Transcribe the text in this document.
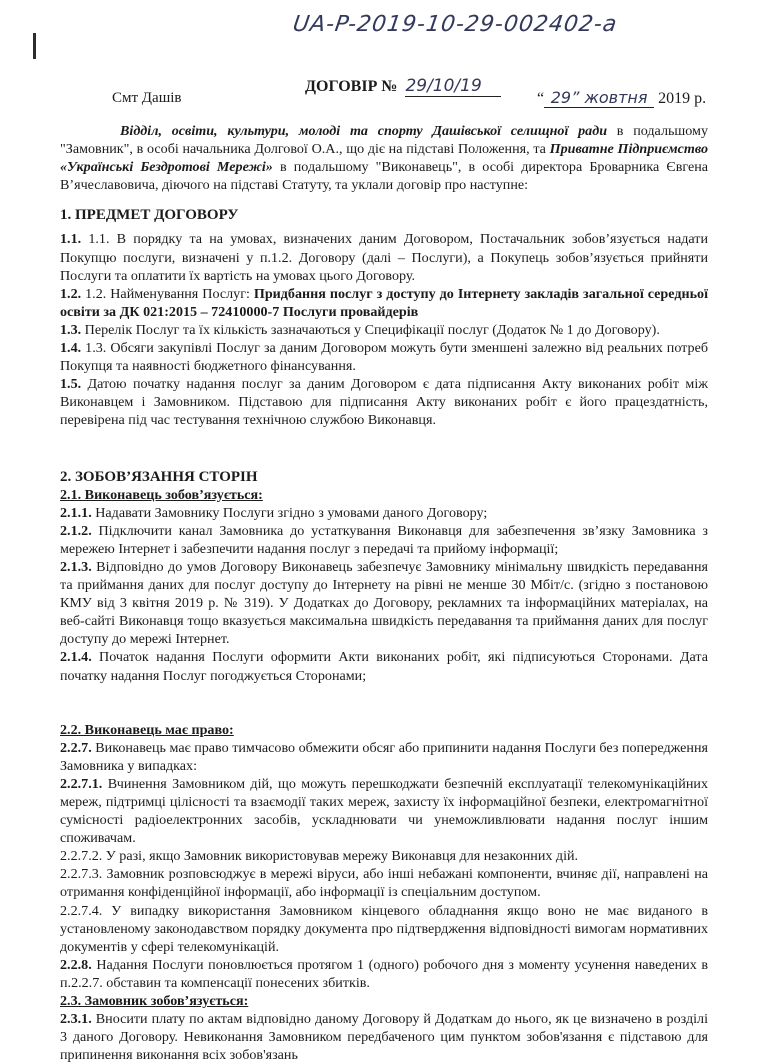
UA-P-2019-10-29-002402-a
ДОГОВІР № 29/10/19
Смт Дашів	“ 29” жовтня 2019 р.

Відділ, освіти, культури, молоді та спорту Дашівської селищної ради в подальшому "Замовник", в особі начальника Долгової О.А., що діє на підставі Положення, та Приватне Підприємство «Українські Бездротові Мережі» в подальшому "Виконавець", в особі директора Броварника Євгена В’ячеславовича, діючого на підставі Статуту, та уклали договір про наступне:

1. ПРЕДМЕТ ДОГОВОРУ

1.1. 1.1. В порядку та на умовах, визначених даним Договором, Постачальник зобов’язується надати Покупцю послуги, визначені у п.1.2. Договору (далі – Послуги), а Покупець зобов’язується прийняти Послуги та оплатити їх вартість на умовах цього Договору.

1.2. 1.2. Найменування Послуг: Придбання послуг з доступу до Інтернету закладів загальної середньої освіти за ДК 021:2015 – 72410000-7 Послуги провайдерів

1.3. Перелік Послуг та їх кількість зазначаються у Специфікації послуг (Додаток № 1 до Договору).

1.4. 1.3. Обсяги закупівлі Послуг за даним Договором можуть бути зменшені залежно від реальних потреб Покупця та наявності бюджетного фінансування.

1.5. Датою початку надання послуг за даним Договором є дата підписання Акту виконаних робіт між Виконавцем і Замовником. Підставою для підписання Акту виконаних робіт є його працездатність, перевірена під час тестування технічною службою Виконавця.

2. ЗОБОВ’ЯЗАННЯ СТОРІН

2.1. Виконавець зобов’язується:

2.1.1. Надавати Замовнику Послуги згідно з умовами даного Договору;

2.1.2. Підключити канал Замовника до устаткування Виконавця для забезпечення зв’язку Замовника з мережею Інтернет і забезпечити надання послуг з передачі та прийому інформації;

2.1.3. Відповідно до умов Договору Виконавець забезпечує Замовнику мінімальну швидкість передавання та приймання даних для послуг доступу до Інтернету на рівні не менше 30 Мбіт/с. (згідно з постановою КМУ від 3 квітня 2019 р. № 319). У Додатках до Договору, рекламних та інформаційних матеріалах, на веб-сайті Виконавця тощо вказується максимальна швидкість передавання та приймання даних для послуг доступу до мережі Інтернет.

2.1.4. Початок надання Послуги оформити Акти виконаних робіт, які підписуються Сторонами. Дата початку надання Послуг погоджується Сторонами;

2.2. Виконавець має право:

2.2.7. Виконавець має право тимчасово обмежити обсяг або припинити надання Послуги без попередження Замовника у випадках:

2.2.7.1. Вчинення Замовником дій, що можуть перешкоджати безпечній експлуатації телекомунікаційних мереж, підтримці цілісності та взаємодії таких мереж, захисту їх інформаційної безпеки, електромагнітної сумісності радіоелектронних засобів, ускладнювати чи унеможливлювати надання послуг іншим споживачам.

2.2.7.2. У разі, якщо Замовник використовував мережу Виконавця для незаконних дій.

2.2.7.3. Замовник розповсюджує в мережі віруси, або інші небажані компоненти, вчиняє дії, направлені на отримання конфіденційної інформації, або інформації із спеціальним доступом.

2.2.7.4. У випадку використання Замовником кінцевого обладнання якщо воно не має виданого в установленому законодавством порядку документа про підтвердження відповідності вимогам нормативних документів у сфері телекомунікацій.

2.2.8. Надання Послуги поновлюється протягом 1 (одного) робочого дня з моменту усунення наведених в п.2.2.7. обставин та компенсації понесених збитків.

2.3. Замовник зобов’язується:

2.3.1. Вносити плату по актам відповідно даному Договору й Додаткам до нього, як це визначено в розділі 3 даного Договору. Невиконання Замовником передбаченого цим пунктом зобов'язання є підставою для припинення виконання всіх зобов'язань
